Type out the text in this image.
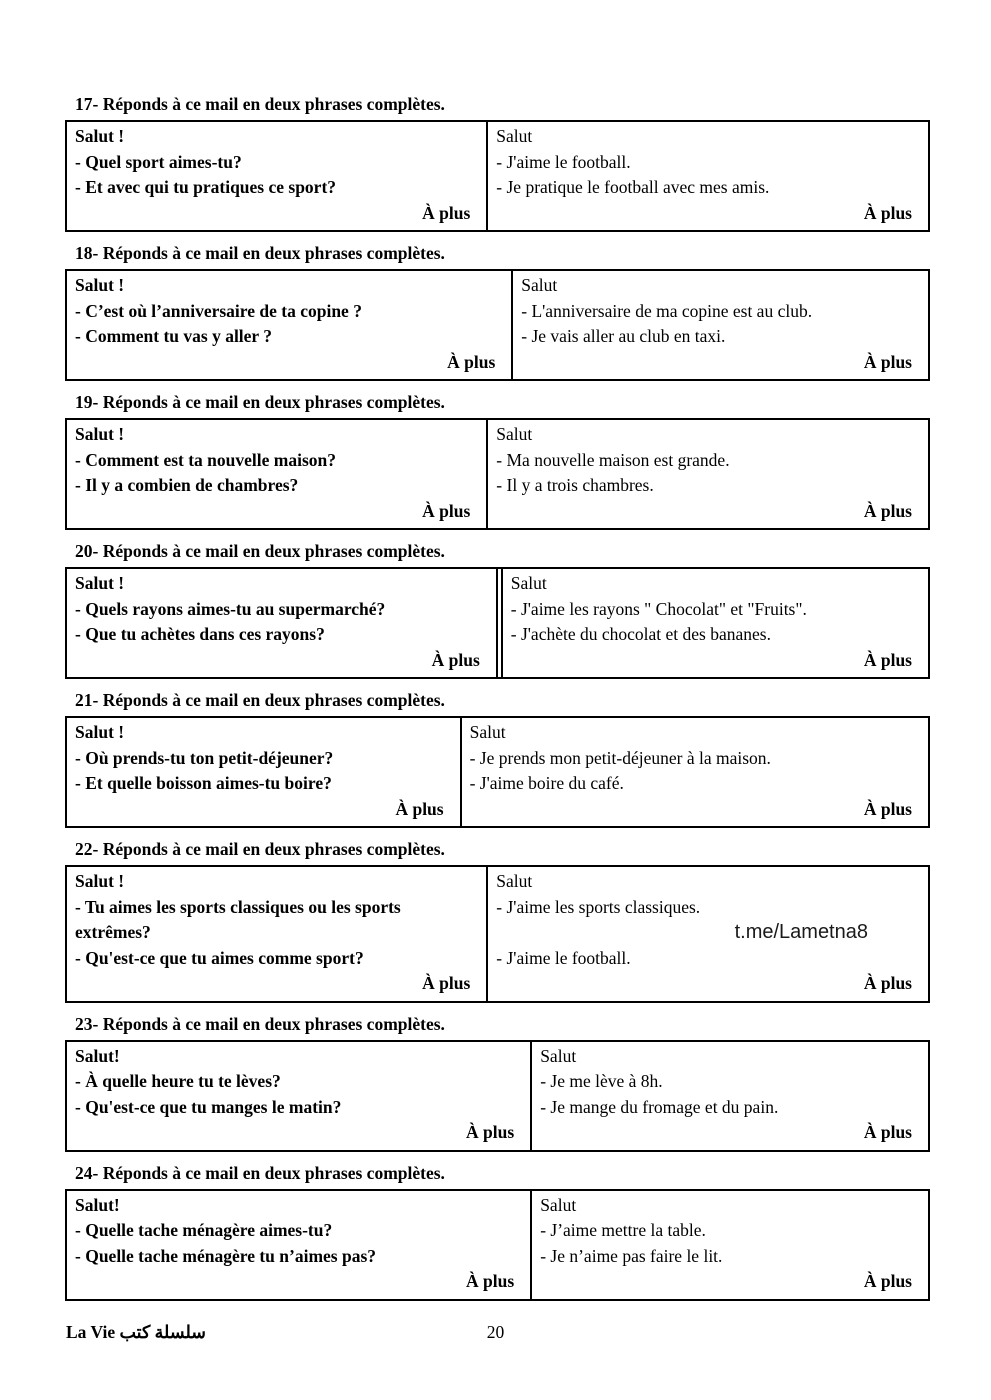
17- Réponds à ce mail en deux phrases complètes.
Salut !
- Quel sport aimes-tu?
- Et avec qui tu pratiques ce sport?
À plus
Salut
- J'aime le football.
- Je pratique le football avec mes amis.
À plus
18- Réponds à ce mail en deux phrases complètes.
Salut !
- C’est où l’anniversaire de ta copine ?
- Comment tu vas y aller ?
À plus
Salut
- L'anniversaire de ma copine est au club.
- Je vais aller au club en taxi.
À plus
19- Réponds à ce mail en deux phrases complètes.
Salut !
- Comment est ta nouvelle maison?
- Il y a combien de chambres?
À plus
Salut
- Ma nouvelle maison est grande.
- Il y a trois chambres.
À plus
20- Réponds à ce mail en deux phrases complètes.
Salut !
- Quels rayons aimes-tu au supermarché?
- Que tu achètes dans ces rayons?
À plus
Salut
- J'aime les rayons " Chocolat" et "Fruits".
- J'achète du chocolat et des bananes.
À plus
21- Réponds à ce mail en deux phrases complètes.
Salut !
- Où prends-tu ton petit-déjeuner?
- Et quelle boisson aimes-tu boire?
À plus
Salut
- Je prends mon petit-déjeuner à la maison.
- J'aime boire du café.
À plus
22- Réponds à ce mail en deux phrases complètes.
Salut !
- Tu aimes les sports classiques ou les sports extrêmes?
- Qu'est-ce que tu aimes comme sport?
À plus
Salut
- J'aime les sports classiques.
t.me/Lametna8
- J'aime le football.
À plus
23- Réponds à ce mail en deux phrases complètes.
Salut!
- À quelle heure tu te lèves?
- Qu'est-ce que tu manges le matin?
À plus
Salut
- Je me lève à 8h.
- Je mange du fromage et du pain.
À plus
24- Réponds à ce mail en deux phrases complètes.
Salut!
- Quelle tache ménagère aimes-tu?
- Quelle tache ménagère tu n’aimes pas?
À plus
Salut
- J’aime mettre la table.
- Je n’aime pas faire le lit.
À plus
La Vie سلسلة كتب	20
